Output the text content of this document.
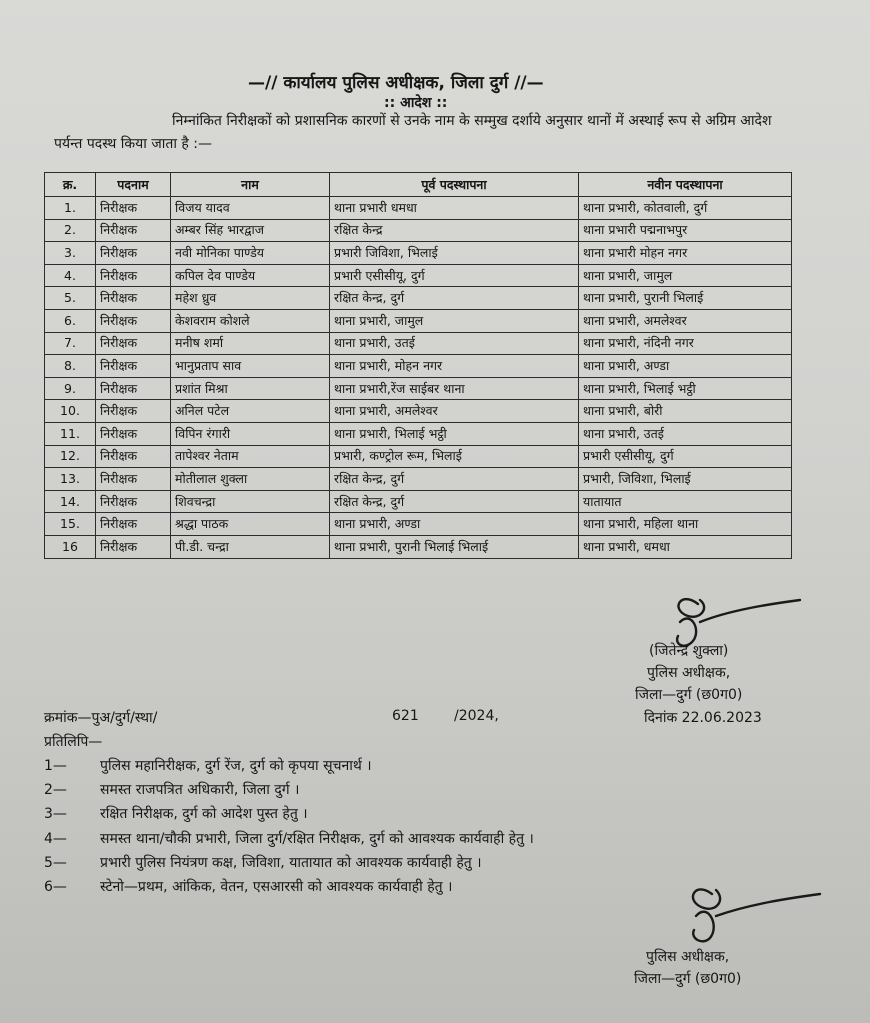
—// कार्यालय पुलिस अधीक्षक, जिला दुर्ग //—
:: आदेश ::
निम्नांकित निरीक्षकों को प्रशासनिक कारणों से उनके नाम के सम्मुख दर्शाये अनुसार थानों में अस्थाई रूप से अग्रिम आदेश पर्यन्त पदस्थ किया जाता है :—
क्र.	पदनाम	नाम	पूर्व पदस्थापना	नवीन पदस्थापना
1.	निरीक्षक	विजय यादव	थाना प्रभारी धमधा	थाना प्रभारी, कोतवाली, दुर्ग
2.	निरीक्षक	अम्बर सिंह भारद्वाज	रक्षित केन्द्र	थाना प्रभारी पद्मनाभपुर
3.	निरीक्षक	नवी मोनिका पाण्डेय	प्रभारी जिविशा, भिलाई	थाना प्रभारी मोहन नगर
4.	निरीक्षक	कपिल देव पाण्डेय	प्रभारी एसीसीयू, दुर्ग	थाना प्रभारी, जामुल
5.	निरीक्षक	महेश ध्रुव	रक्षित केन्द्र, दुर्ग	थाना प्रभारी, पुरानी भिलाई
6.	निरीक्षक	केशवराम कोशले	थाना प्रभारी, जामुल	थाना प्रभारी, अमलेश्वर
7.	निरीक्षक	मनीष शर्मा	थाना प्रभारी, उतई	थाना प्रभारी, नंदिनी नगर
8.	निरीक्षक	भानुप्रताप साव	थाना प्रभारी, मोहन नगर	थाना प्रभारी, अण्डा
9.	निरीक्षक	प्रशांत मिश्रा	थाना प्रभारी,रेंज साईबर थाना	थाना प्रभारी, भिलाई भट्ठी
10.	निरीक्षक	अनिल पटेल	थाना प्रभारी, अमलेश्वर	थाना प्रभारी, बोरी
11.	निरीक्षक	विपिन रंगारी	थाना प्रभारी, भिलाई भट्ठी	थाना प्रभारी, उतई
12.	निरीक्षक	तापेश्वर नेताम	प्रभारी, कण्ट्रोल रूम, भिलाई	प्रभारी एसीसीयू, दुर्ग
13.	निरीक्षक	मोतीलाल शुक्ला	रक्षित केन्द्र, दुर्ग	प्रभारी, जिविशा, भिलाई
14.	निरीक्षक	शिवचन्द्रा	रक्षित केन्द्र, दुर्ग	यातायात
15.	निरीक्षक	श्रद्धा पाठक	थाना प्रभारी, अण्डा	थाना प्रभारी, महिला थाना
16	निरीक्षक	पी.डी. चन्द्रा	थाना प्रभारी, पुरानी भिलाई भिलाई	थाना प्रभारी, धमधा
(जितेन्द्र शुक्ला)
पुलिस अधीक्षक,
जिला—दुर्ग (छ0ग0)
क्रमांक—पुअ/दुर्ग/स्था/	621	/2024,	दिनांक 22.06.2023
प्रतिलिपि—
1— पुलिस महानिरीक्षक, दुर्ग रेंज, दुर्ग को कृपया सूचनार्थ ।
2— समस्त राजपत्रित अधिकारी, जिला दुर्ग ।
3— रक्षित निरीक्षक, दुर्ग को आदेश पुस्त हेतु ।
4— समस्त थाना/चौकी प्रभारी, जिला दुर्ग/रक्षित निरीक्षक, दुर्ग को आवश्यक कार्यवाही हेतु ।
5— प्रभारी पुलिस नियंत्रण कक्ष, जिविशा, यातायात को आवश्यक कार्यवाही हेतु ।
6— स्टेनो—प्रथम, आंकिक, वेतन, एसआरसी को आवश्यक कार्यवाही हेतु ।
पुलिस अधीक्षक,
जिला—दुर्ग (छ0ग0)
